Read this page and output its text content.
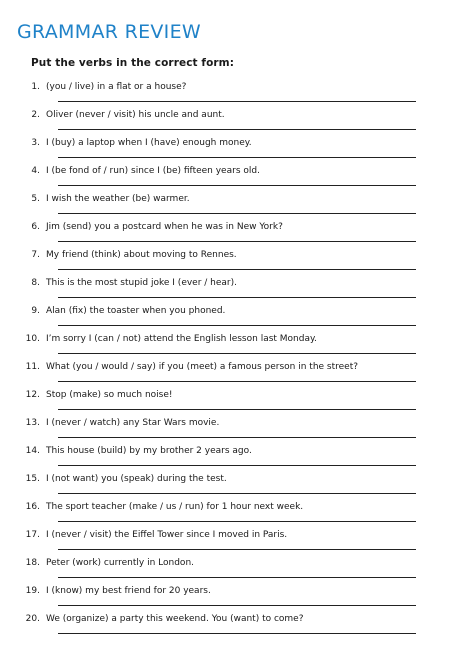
GRAMMAR REVIEW

Put the verbs in the correct form:

1. (you / live) in a flat or a house?
2. Oliver (never / visit) his uncle and aunt.
3. I (buy) a laptop when I (have) enough money.
4. I (be fond of / run) since I (be) fifteen years old.
5. I wish the weather (be) warmer.
6. Jim (send) you a postcard when he was in New York?
7. My friend (think) about moving to Rennes.
8. This is the most stupid joke I (ever / hear).
9. Alan (fix) the toaster when you phoned.
10. I’m sorry I (can / not) attend the English lesson last Monday.
11. What (you / would / say) if you (meet) a famous person in the street?
12. Stop (make) so much noise!
13. I (never / watch) any Star Wars movie.
14. This house (build) by my brother 2 years ago.
15. I (not want) you (speak) during the test.
16. The sport teacher (make / us / run) for 1 hour next week.
17. I (never / visit) the Eiffel Tower since I moved in Paris.
18. Peter (work) currently in London.
19. I (know) my best friend for 20 years.
20. We (organize) a party this weekend. You (want) to come?
